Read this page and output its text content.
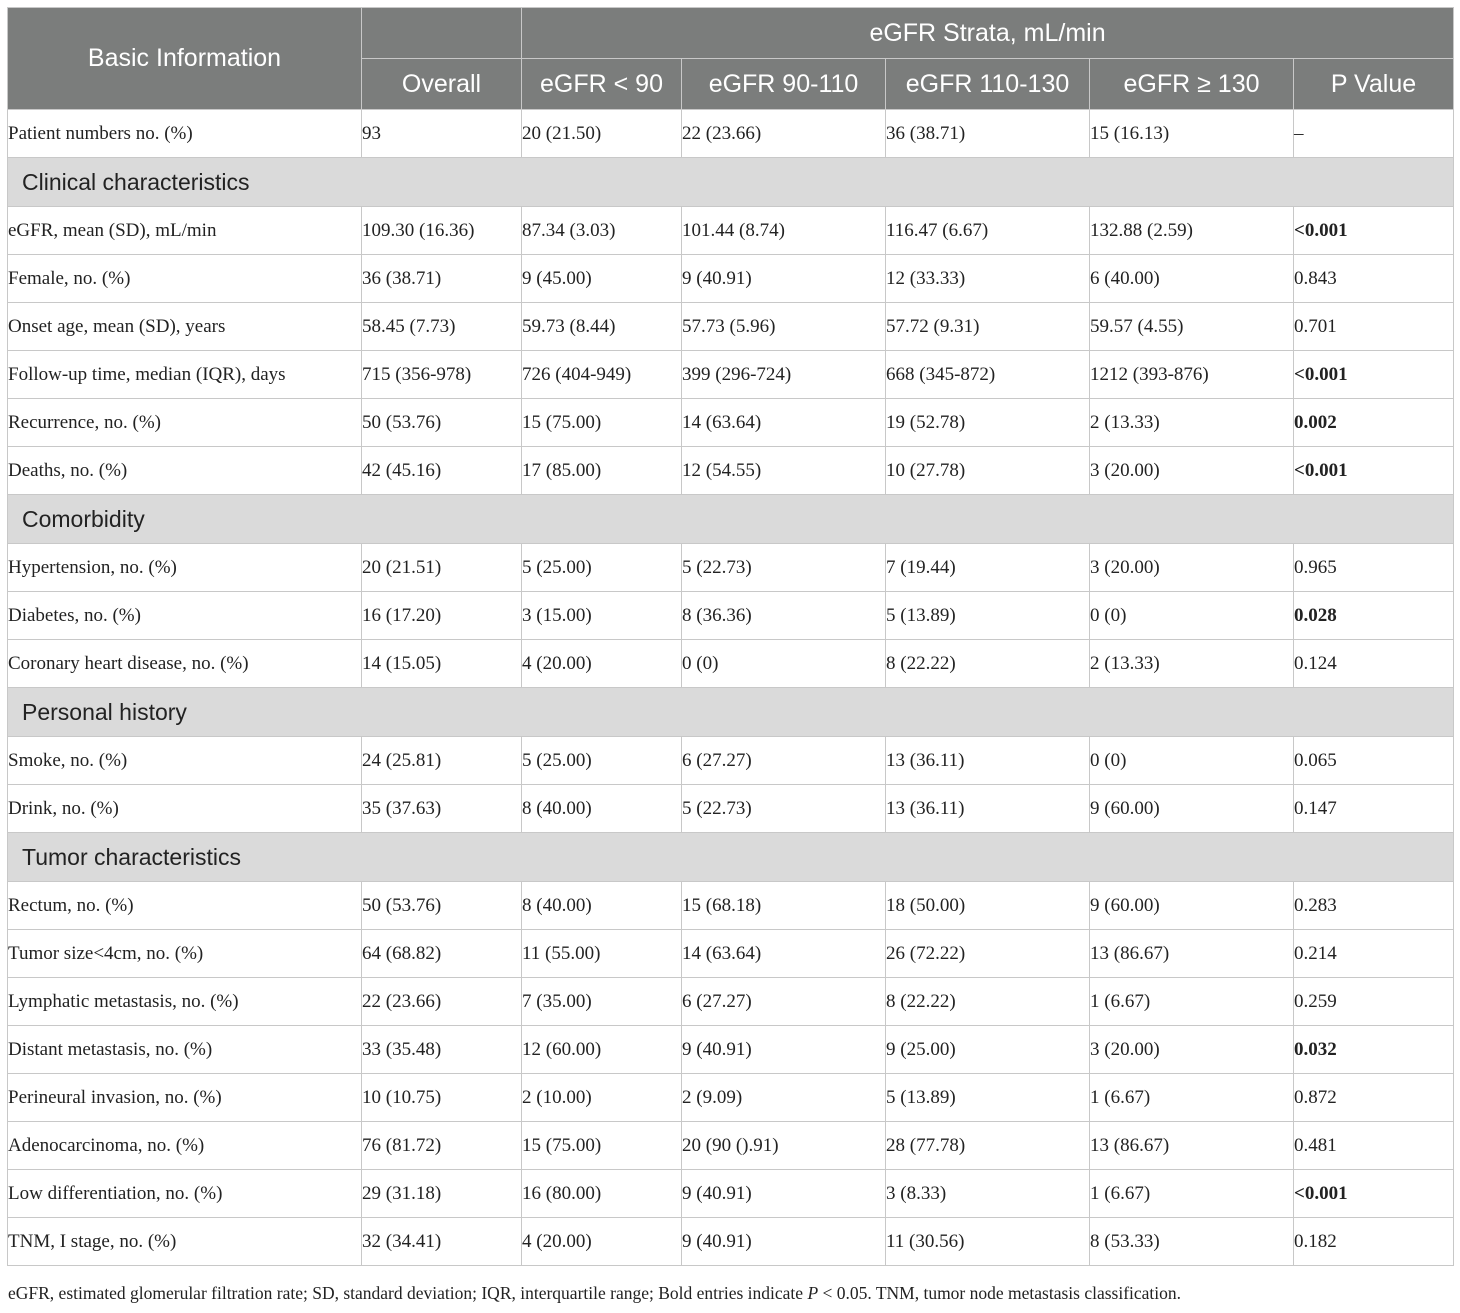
Basic Information		eGFR Strata, mL/min				
	Overall	eGFR < 90	eGFR 90-110	eGFR 110-130	eGFR ≥ 130	P Value
Patient numbers no. (%)	93	20 (21.50)	22 (23.66)	36 (38.71)	15 (16.13)	–
Clinical characteristics						
eGFR, mean (SD), mL/min	109.30 (16.36)	87.34 (3.03)	101.44 (8.74)	116.47 (6.67)	132.88 (2.59)	<0.001
Female, no. (%)	36 (38.71)	9 (45.00)	9 (40.91)	12 (33.33)	6 (40.00)	0.843
Onset age, mean (SD), years	58.45 (7.73)	59.73 (8.44)	57.73 (5.96)	57.72 (9.31)	59.57 (4.55)	0.701
Follow-up time, median (IQR), days	715 (356-978)	726 (404-949)	399 (296-724)	668 (345-872)	1212 (393-876)	<0.001
Recurrence, no. (%)	50 (53.76)	15 (75.00)	14 (63.64)	19 (52.78)	2 (13.33)	0.002
Deaths, no. (%)	42 (45.16)	17 (85.00)	12 (54.55)	10 (27.78)	3 (20.00)	<0.001
Comorbidity						
Hypertension, no. (%)	20 (21.51)	5 (25.00)	5 (22.73)	7 (19.44)	3 (20.00)	0.965
Diabetes, no. (%)	16 (17.20)	3 (15.00)	8 (36.36)	5 (13.89)	0 (0)	0.028
Coronary heart disease, no. (%)	14 (15.05)	4 (20.00)	0 (0)	8 (22.22)	2 (13.33)	0.124
Personal history						
Smoke, no. (%)	24 (25.81)	5 (25.00)	6 (27.27)	13 (36.11)	0 (0)	0.065
Drink, no. (%)	35 (37.63)	8 (40.00)	5 (22.73)	13 (36.11)	9 (60.00)	0.147
Tumor characteristics						
Rectum, no. (%)	50 (53.76)	8 (40.00)	15 (68.18)	18 (50.00)	9 (60.00)	0.283
Tumor size<4cm, no. (%)	64 (68.82)	11 (55.00)	14 (63.64)	26 (72.22)	13 (86.67)	0.214
Lymphatic metastasis, no. (%)	22 (23.66)	7 (35.00)	6 (27.27)	8 (22.22)	1 (6.67)	0.259
Distant metastasis, no. (%)	33 (35.48)	12 (60.00)	9 (40.91)	9 (25.00)	3 (20.00)	0.032
Perineural invasion, no. (%)	10 (10.75)	2 (10.00)	2 (9.09)	5 (13.89)	1 (6.67)	0.872
Adenocarcinoma, no. (%)	76 (81.72)	15 (75.00)	20 (90 ().91)	28 (77.78)	13 (86.67)	0.481
Low differentiation, no. (%)	29 (31.18)	16 (80.00)	9 (40.91)	3 (8.33)	1 (6.67)	<0.001
TNM, I stage, no. (%)	32 (34.41)	4 (20.00)	9 (40.91)	11 (30.56)	8 (53.33)	0.182
eGFR, estimated glomerular filtration rate; SD, standard deviation; IQR, interquartile range; Bold entries indicate P < 0.05. TNM, tumor node metastasis classification.
